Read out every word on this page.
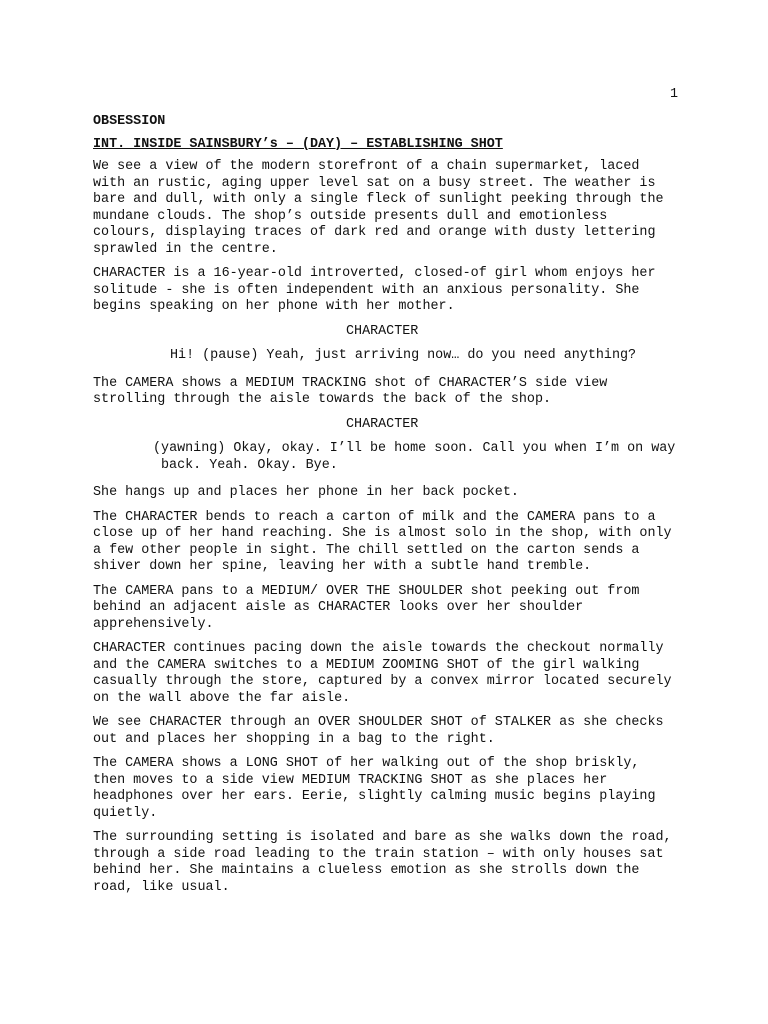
1
OBSESSION
INT. INSIDE SAINSBURY’s – (DAY) – ESTABLISHING SHOT
We see a view of the modern storefront of a chain supermarket, laced with an rustic, aging upper level sat on a busy street. The weather is bare and dull, with only a single fleck of sunlight peeking through the mundane clouds. The shop’s outside presents dull and emotionless colours, displaying traces of dark red and orange with dusty lettering sprawled in the centre.
CHARACTER is a 16-year-old introverted, closed-of girl whom enjoys her solitude - she is often independent with an anxious personality. She begins speaking on her phone with her mother.
CHARACTER
Hi! (pause) Yeah, just arriving now… do you need anything?
The CAMERA shows a MEDIUM TRACKING shot of CHARACTER’S side view strolling through the aisle towards the back of the shop.
CHARACTER
(yawning) Okay, okay. I’ll be home soon. Call you when I’m on way back. Yeah. Okay. Bye.
She hangs up and places her phone in her back pocket.
The CHARACTER bends to reach a carton of milk and the CAMERA pans to a close up of her hand reaching. She is almost solo in the shop, with only a few other people in sight. The chill settled on the carton sends a shiver down her spine, leaving her with a subtle hand tremble.
The CAMERA pans to a MEDIUM/ OVER THE SHOULDER shot peeking out from behind an adjacent aisle as CHARACTER looks over her shoulder apprehensively.
CHARACTER continues pacing down the aisle towards the checkout normally and the CAMERA switches to a MEDIUM ZOOMING SHOT of the girl walking casually through the store, captured by a convex mirror located securely on the wall above the far aisle.
We see CHARACTER through an OVER SHOULDER SHOT of STALKER as she checks out and places her shopping in a bag to the right.
The CAMERA shows a LONG SHOT of her walking out of the shop briskly, then moves to a side view MEDIUM TRACKING SHOT as she places her headphones over her ears. Eerie, slightly calming music begins playing quietly.
The surrounding setting is isolated and bare as she walks down the road, through a side road leading to the train station – with only houses sat behind her. She maintains a clueless emotion as she strolls down the road, like usual.
